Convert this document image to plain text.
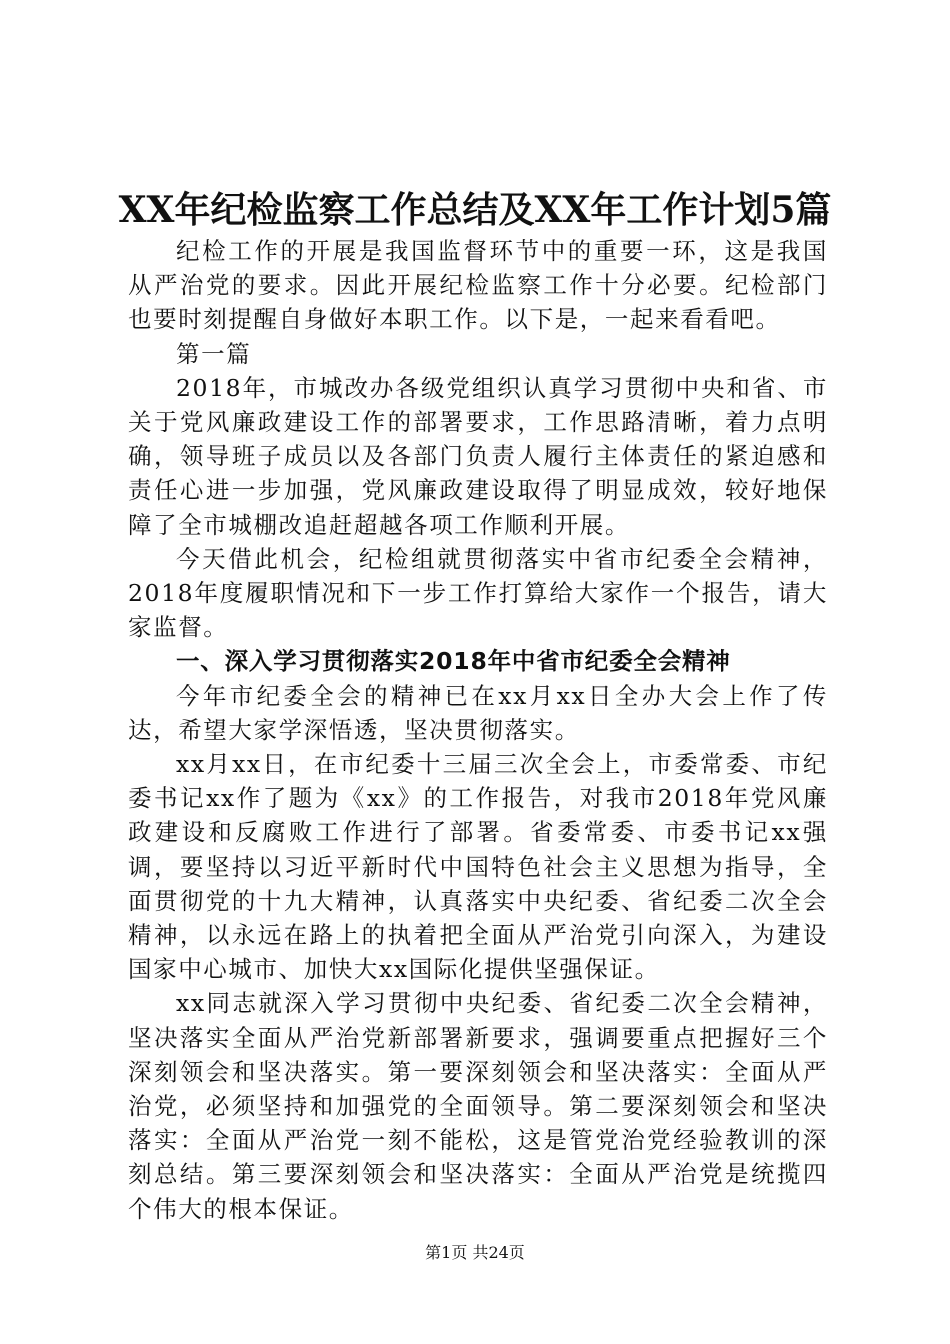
XX年纪检监察工作总结及XX年工作计划5篇

纪检工作的开展是我国监督环节中的重要一环，这是我国从严治党的要求。因此开展纪检监察工作十分必要。纪检部门也要时刻提醒自身做好本职工作。以下是，一起来看看吧。

第一篇

2018年，市城改办各级党组织认真学习贯彻中央和省、市关于党风廉政建设工作的部署要求，工作思路清晰，着力点明确，领导班子成员以及各部门负责人履行主体责任的紧迫感和责任心进一步加强，党风廉政建设取得了明显成效，较好地保障了全市城棚改追赶超越各项工作顺利开展。

今天借此机会，纪检组就贯彻落实中省市纪委全会精神，2018年度履职情况和下一步工作打算给大家作一个报告，请大家监督。

一、深入学习贯彻落实2018年中省市纪委全会精神

今年市纪委全会的精神已在xx月xx日全办大会上作了传达，希望大家学深悟透，坚决贯彻落实。

xx月xx日，在市纪委十三届三次全会上，市委常委、市纪委书记xx作了题为《xx》的工作报告，对我市2018年党风廉政建设和反腐败工作进行了部署。省委常委、市委书记xx强调，要坚持以习近平新时代中国特色社会主义思想为指导，全面贯彻党的十九大精神，认真落实中央纪委、省纪委二次全会精神，以永远在路上的执着把全面从严治党引向深入，为建设国家中心城市、加快大xx国际化提供坚强保证。

xx同志就深入学习贯彻中央纪委、省纪委二次全会精神，坚决落实全面从严治党新部署新要求，强调要重点把握好三个深刻领会和坚决落实。第一要深刻领会和坚决落实：全面从严治党，必须坚持和加强党的全面领导。第二要深刻领会和坚决落实：全面从严治党一刻不能松，这是管党治党经验教训的深刻总结。第三要深刻领会和坚决落实：全面从严治党是统揽四个伟大的根本保证。

第1页 共24页
